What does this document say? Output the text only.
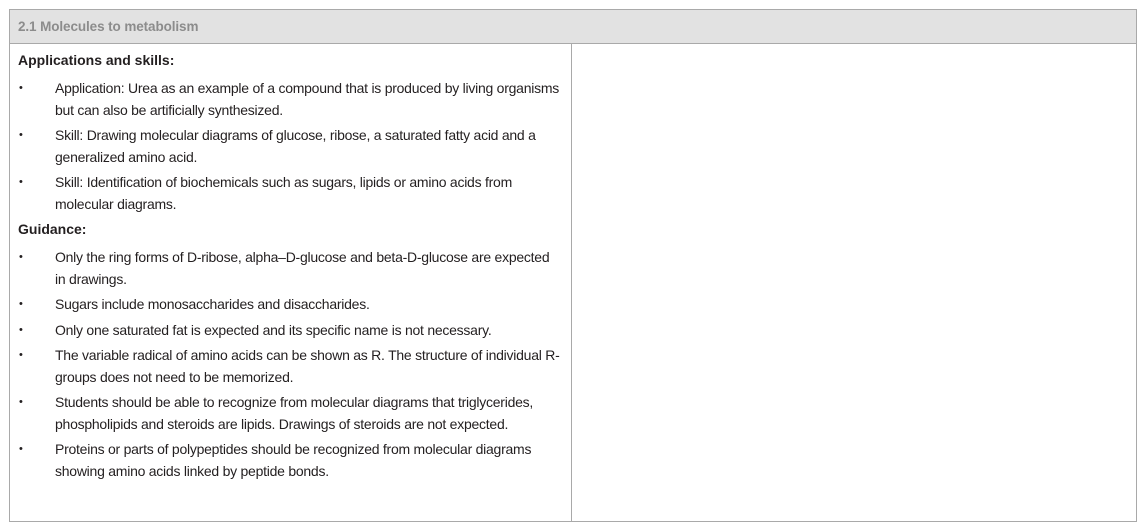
2.1 Molecules to metabolism

Applications and skills:

• Application: Urea as an example of a compound that is produced by living organisms but can also be artificially synthesized.
• Skill: Drawing molecular diagrams of glucose, ribose, a saturated fatty acid and a generalized amino acid.
• Skill: Identification of biochemicals such as sugars, lipids or amino acids from molecular diagrams.

Guidance:

• Only the ring forms of D-ribose, alpha–D-glucose and beta-D-glucose are expected in drawings.
• Sugars include monosaccharides and disaccharides.
• Only one saturated fat is expected and its specific name is not necessary.
• The variable radical of amino acids can be shown as R. The structure of individual R-groups does not need to be memorized.
• Students should be able to recognize from molecular diagrams that triglycerides, phospholipids and steroids are lipids. Drawings of steroids are not expected.
• Proteins or parts of polypeptides should be recognized from molecular diagrams showing amino acids linked by peptide bonds.
